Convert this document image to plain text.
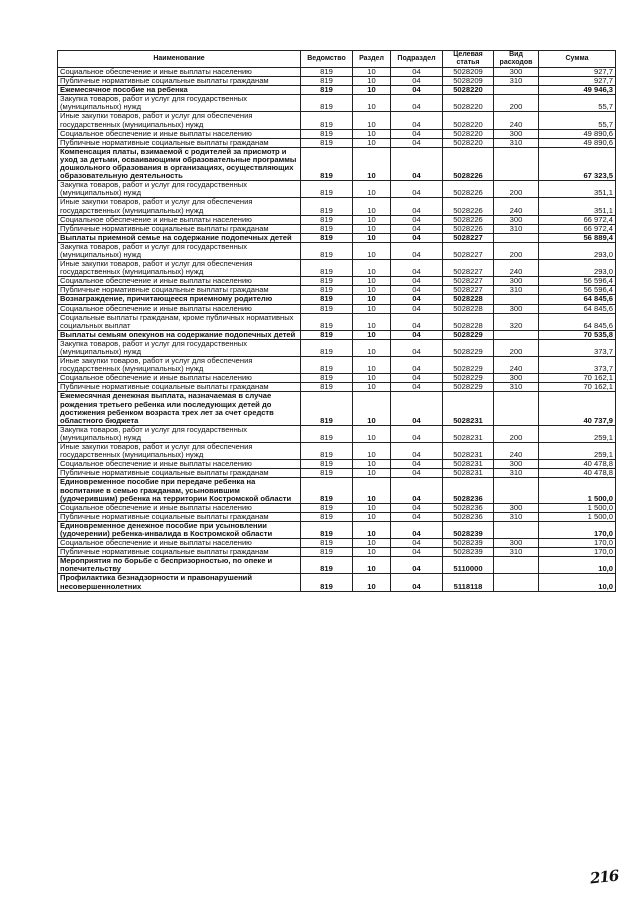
Наименование	Ведомство	Раздел	Подраздел	Целевая статья	Вид расходов	Сумма
Социальное обеспечение и иные выплаты населению	819	10	04	5028209	300	927,7
Публичные нормативные социальные выплаты гражданам	819	10	04	5028209	310	927,7
Ежемесячное пособие на ребенка	819	10	04	5028220		49 946,3
Закупка товаров, работ и услуг для государственных (муниципальных) нужд	819	10	04	5028220	200	55,7
Иные закупки товаров, работ и услуг для обеспечения государственных (муниципальных) нужд	819	10	04	5028220	240	55,7
Социальное обеспечение и иные выплаты населению	819	10	04	5028220	300	49 890,6
Публичные нормативные социальные выплаты гражданам	819	10	04	5028220	310	49 890,6
Компенсация платы, взимаемой с родителей за присмотр и уход за детьми, осваивающими образовательные программы дошкольного образования в организациях, осуществляющих образовательную деятельность	819	10	04	5028226		67 323,5
Закупка товаров, работ и услуг для государственных (муниципальных) нужд	819	10	04	5028226	200	351,1
Иные закупки товаров, работ и услуг для обеспечения государственных (муниципальных) нужд	819	10	04	5028226	240	351,1
Социальное обеспечение и иные выплаты населению	819	10	04	5028226	300	66 972,4
Публичные нормативные социальные выплаты гражданам	819	10	04	5028226	310	66 972,4
Выплаты приемной семье на содержание подопечных детей	819	10	04	5028227		56 889,4
Закупка товаров, работ и услуг для государственных (муниципальных) нужд	819	10	04	5028227	200	293,0
Иные закупки товаров, работ и услуг для обеспечения государственных (муниципальных) нужд	819	10	04	5028227	240	293,0
Социальное обеспечение и иные выплаты населению	819	10	04	5028227	300	56 596,4
Публичные нормативные социальные выплаты гражданам	819	10	04	5028227	310	56 596,4
Вознаграждение, причитающееся приемному родителю	819	10	04	5028228		64 845,6
Социальное обеспечение и иные выплаты населению	819	10	04	5028228	300	64 845,6
Социальные выплаты гражданам, кроме публичных нормативных социальных выплат	819	10	04	5028228	320	64 845,6
Выплаты семьям опекунов на содержание подопечных детей	819	10	04	5028229		70 535,8
Закупка товаров, работ и услуг для государственных (муниципальных) нужд	819	10	04	5028229	200	373,7
Иные закупки товаров, работ и услуг для обеспечения государственных (муниципальных) нужд	819	10	04	5028229	240	373,7
Социальное обеспечение и иные выплаты населению	819	10	04	5028229	300	70 162,1
Публичные нормативные социальные выплаты гражданам	819	10	04	5028229	310	70 162,1
Ежемесячная денежная выплата, назначаемая в случае рождения третьего ребенка или последующих детей до достижения ребенком возраста трех лет за счет средств областного бюджета	819	10	04	5028231		40 737,9
Закупка товаров, работ и услуг для государственных (муниципальных) нужд	819	10	04	5028231	200	259,1
Иные закупки товаров, работ и услуг для обеспечения государственных (муниципальных) нужд	819	10	04	5028231	240	259,1
Социальное обеспечение и иные выплаты населению	819	10	04	5028231	300	40 478,8
Публичные нормативные социальные выплаты гражданам	819	10	04	5028231	310	40 478,8
Единовременное пособие при передаче ребенка на воспитание в семью гражданам, усыновившим (удочерившим) ребенка на территории Костромской области	819	10	04	5028236		1 500,0
Социальное обеспечение и иные выплаты населению	819	10	04	5028236	300	1 500,0
Публичные нормативные социальные выплаты гражданам	819	10	04	5028236	310	1 500,0
Единовременное денежное пособие при усыновлении (удочерении) ребенка-инвалида в Костромской области	819	10	04	5028239		170,0
Социальное обеспечение и иные выплаты населению	819	10	04	5028239	300	170,0
Публичные нормативные социальные выплаты гражданам	819	10	04	5028239	310	170,0
Мероприятия по борьбе с беспризорностью, по опеке и попечительству	819	10	04	5110000		10,0
Профилактика безнадзорности и правонарушений несовершеннолетних	819	10	04	5118118		10,0
216
